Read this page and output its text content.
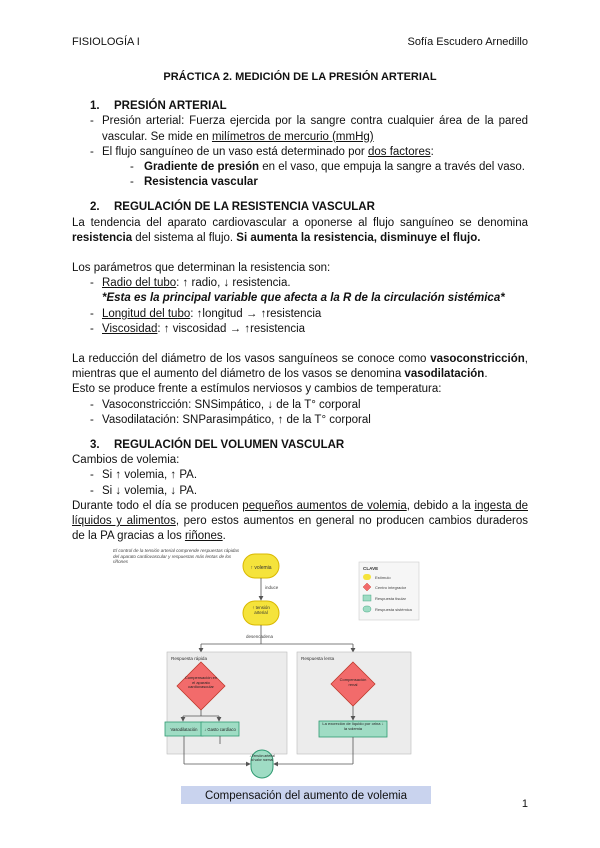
FISIOLOGÍA I	Sofía Escudero Arnedillo
PRÁCTICA 2. MEDICIÓN DE LA PRESIÓN ARTERIAL

1. PRESIÓN ARTERIAL

- Presión arterial: Fuerza ejercida por la sangre contra cualquier área de la pared vascular. Se mide en milímetros de mercurio (mmHg)
- El flujo sanguíneo de un vaso está determinado por dos factores:
- Gradiente de presión en el vaso, que empuja la sangre a través del vaso.
- Resistencia vascular

2. REGULACIÓN DE LA RESISTENCIA VASCULAR

La tendencia del aparato cardiovascular a oponerse al flujo sanguíneo se denomina resistencia del sistema al flujo. Si aumenta la resistencia, disminuye el flujo.

Los parámetros que determinan la resistencia son:

- Radio del tubo: ↑ radio, ↓ resistencia.

*Esta es la principal variable que afecta a la R de la circulación sistémica*

- Longitud del tubo: ↑longitud → ↑resistencia
- Viscosidad: ↑ viscosidad → ↑resistencia

La reducción del diámetro de los vasos sanguíneos se conoce como vasoconstricción, mientras que el aumento del diámetro de los vasos se denomina vasodilatación.

Esto se produce frente a estímulos nerviosos y cambios de temperatura:

- Vasoconstricción: SNSimpático, ↓ de la T° corporal
- Vasodilatación: SNParasimpático, ↑ de la T° corporal

3. REGULACIÓN DEL VOLUMEN VASCULAR

Cambios de volemia:

- Si ↑ volemia, ↑ PA.
- Si ↓ volemia, ↓ PA.

Durante todo el día se producen pequeños aumentos de volemia, debido a la ingesta de líquidos y alimentos, pero estos aumentos en general no producen cambios duraderos de la PA gracias a los riñones.

El control de la tensión arterial comprende respuestas rápidas del aparato cardiovascular y respuestas más lentas de los riñones
↑ volemia
induce
↑ tensión arterial
desencadena
CLAVE
Estímulo
Centro integrador
Respuesta tisular
Respuesta sistémica
Respuesta rápida	Respuesta lenta
Compensación en el aparato cardiovascular
Vasodilatación ↓ Gasto cardíaco
Compensación renal
La excreción de líquido por orina ↓ la volemia
↓ Tensión arterial al valor normal
Compensación del aumento de volemia
1
